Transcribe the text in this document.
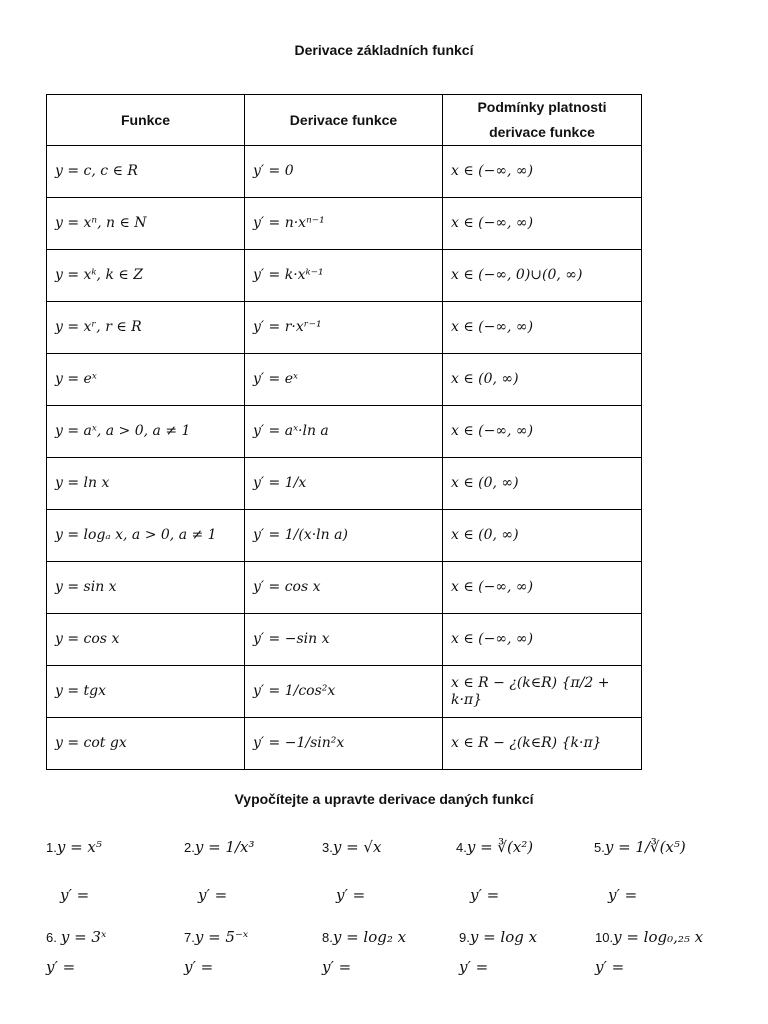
Derivace základních funkcí
Funkce	Derivace funkce	Podmínky platnosti
derivace funkce

y = c, c ∈ R	y′ = 0	x ∈ (−∞, ∞)
y = xⁿ, n ∈ N	y′ = n·xⁿ⁻¹	x ∈ (−∞, ∞)
y = xᵏ, k ∈ Z	y′ = k·xᵏ⁻¹	x ∈ (−∞, 0)∪(0, ∞)
y = xʳ, r ∈ R	y′ = r·xʳ⁻¹	x ∈ (−∞, ∞)
y = eˣ	y′ = eˣ	x ∈ (0, ∞)
y = aˣ, a > 0, a ≠ 1	y′ = aˣ·ln a	x ∈ (−∞, ∞)
y = ln x	y′ = 1/x	x ∈ (0, ∞)
y = logₐ x, a > 0, a ≠ 1	y′ = 1/(x·ln a)	x ∈ (0, ∞)
y = sin x	y′ = cos x	x ∈ (−∞, ∞)
y = cos x	y′ = −sin x	x ∈ (−∞, ∞)
y = tgx	y′ = 1/cos²x	x ∈ R − ¿(k∈R) {π/2 + k·π}
y = cot gx	y′ = −1/sin²x	x ∈ R − ¿(k∈R) {k·π}
Vypočítejte a upravte derivace daných funkcí
1.y = x⁵
y′ =
2.y = 1/x³
y′ =
3.y = √x
y′ =
4.y = ∛(x²)
y′ =
5.y = 1/∛(x⁵)
y′ =
6. y = 3ˣ
y′ =
7.y = 5⁻ˣ
y′ =
8.y = log₂ x
y′ =
9.y = log x
y′ =
10.y = log₀,₂₅ x
y′ =
